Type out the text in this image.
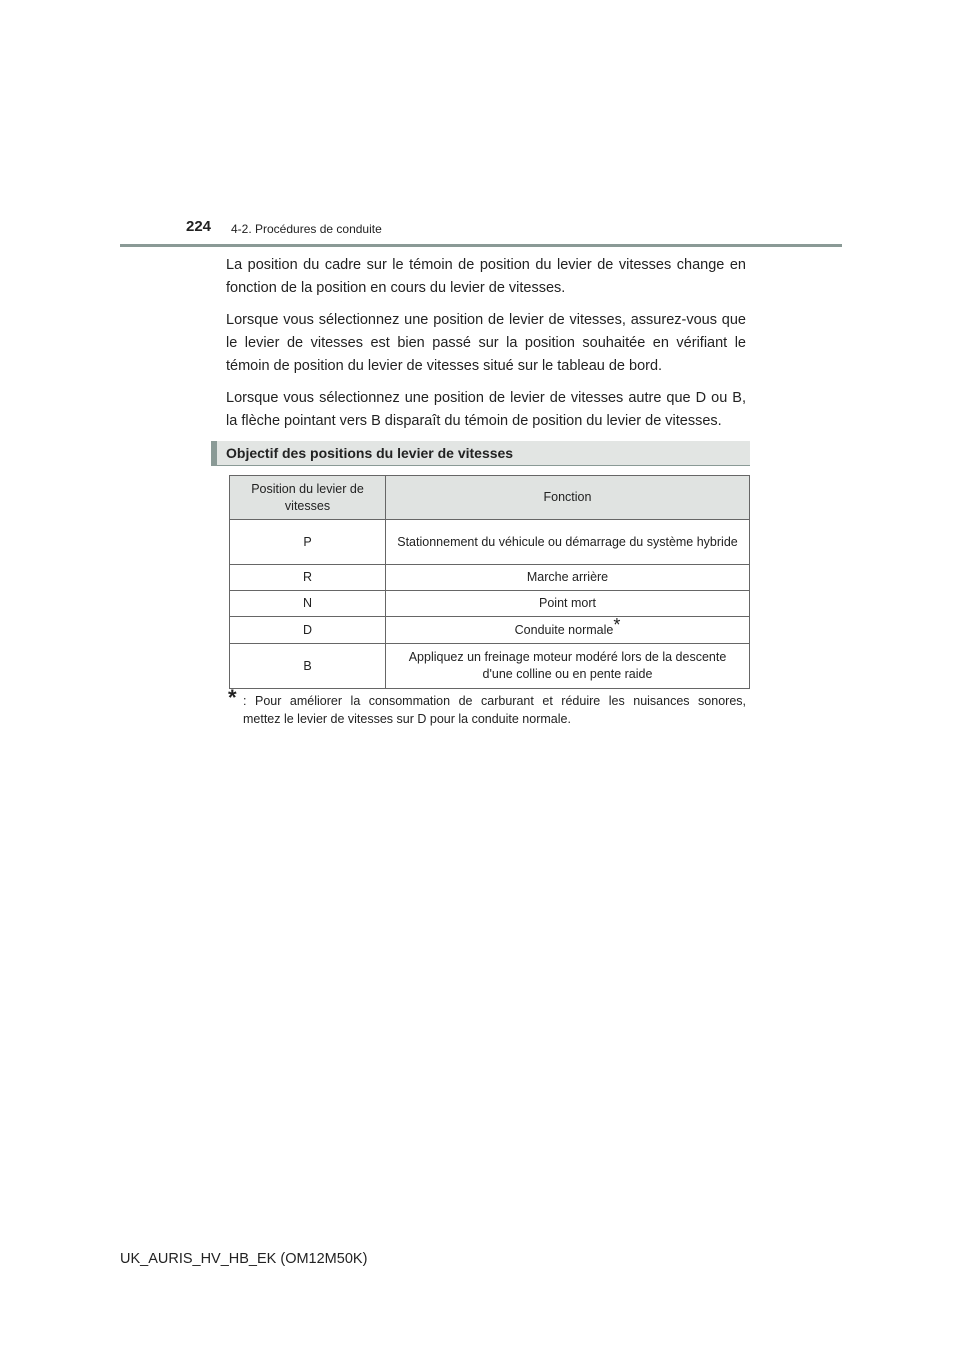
224 4-2. Procédures de conduite

La position du cadre sur le témoin de position du levier de vitesses change en fonction de la position en cours du levier de vitesses.

Lorsque vous sélectionnez une position de levier de vitesses, assurez-vous que le levier de vitesses est bien passé sur la position souhaitée en vérifiant le témoin de position du levier de vitesses situé sur le tableau de bord.

Lorsque vous sélectionnez une position de levier de vitesses autre que D ou B, la flèche pointant vers B disparaît du témoin de position du levier de vitesses.

Objectif des positions du levier de vitesses
Position du levier de vitesses	Fonction
P	Stationnement du véhicule ou démarrage du système hybride
R	Marche arrière
N	Point mort
D	Conduite normale*
B	Appliquez un freinage moteur modéré lors de la descente d'une colline ou en pente raide
* : Pour améliorer la consommation de carburant et réduire les nuisances sonores,
mettez le levier de vitesses sur D pour la conduite normale.
UK_AURIS_HV_HB_EK (OM12M50K)
